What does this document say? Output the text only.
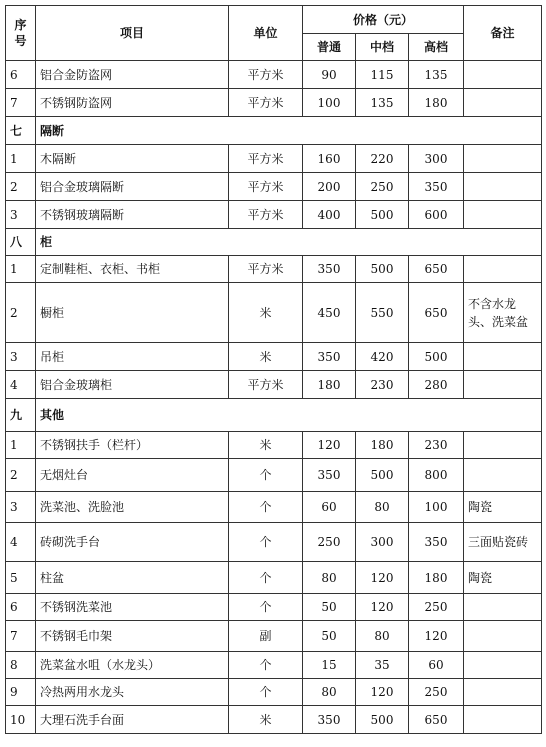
序号	项目	单位	价格（元）			备注
			普通	中档	高档	
6	铝合金防盗网	平方米	90	115	135	
7	不锈钢防盗网	平方米	100	135	180	
七	隔断					
1	木隔断	平方米	160	220	300	
2	铝合金玻璃隔断	平方米	200	250	350	
3	不锈钢玻璃隔断	平方米	400	500	600	
八	柜					
1	定制鞋柜、衣柜、书柜	平方米	350	500	650	
2	橱柜	米	450	550	650	不含水龙头、洗菜盆
3	吊柜	米	350	420	500	
4	铝合金玻璃柜	平方米	180	230	280	
九	其他					
1	不锈钢扶手（栏杆）	米	120	180	230	
2	无烟灶台	个	350	500	800	
3	洗菜池、洗脸池	个	60	80	100	陶瓷
4	砖砌洗手台	个	250	300	350	三面贴瓷砖
5	柱盆	个	80	120	180	陶瓷
6	不锈钢洗菜池	个	50	120	250	
7	不锈钢毛巾架	副	50	80	120	
8	洗菜盆水咀（水龙头）	个	15	35	60	
9	冷热两用水龙头	个	80	120	250	
10	大理石洗手台面	米	350	500	650	
